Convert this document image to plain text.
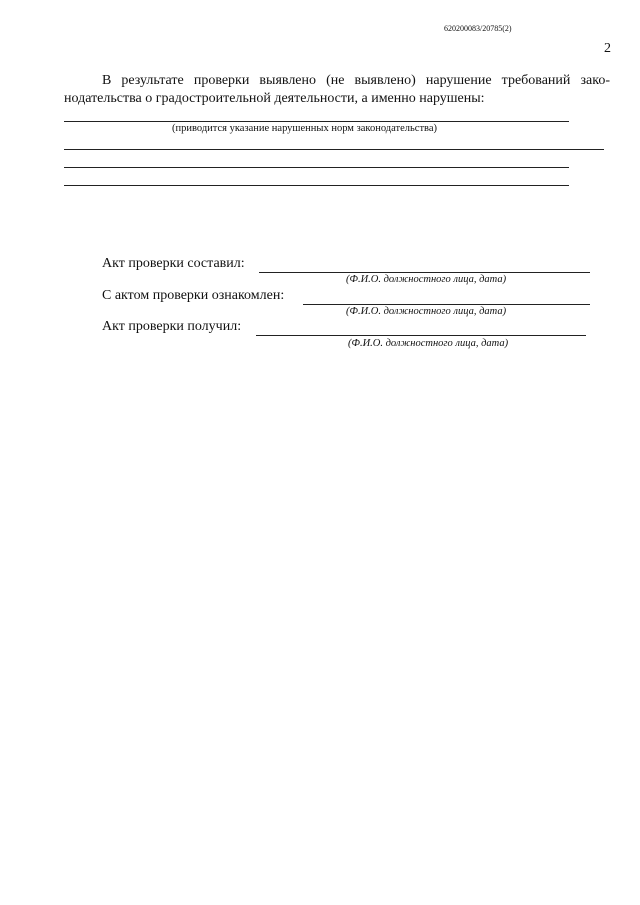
620200083/20785(2)
2
В результате проверки выявлено (не выявлено) нарушение требований зако-
нодательства о градостроительной деятельности, а именно нарушены:
(приводится указание нарушенных норм законодательства)
Акт проверки составил:
(Ф.И.О. должностного лица, дата)
С актом проверки ознакомлен:
(Ф.И.О. должностного лица, дата)
Акт проверки получил:
(Ф.И.О. должностного лица, дата)
